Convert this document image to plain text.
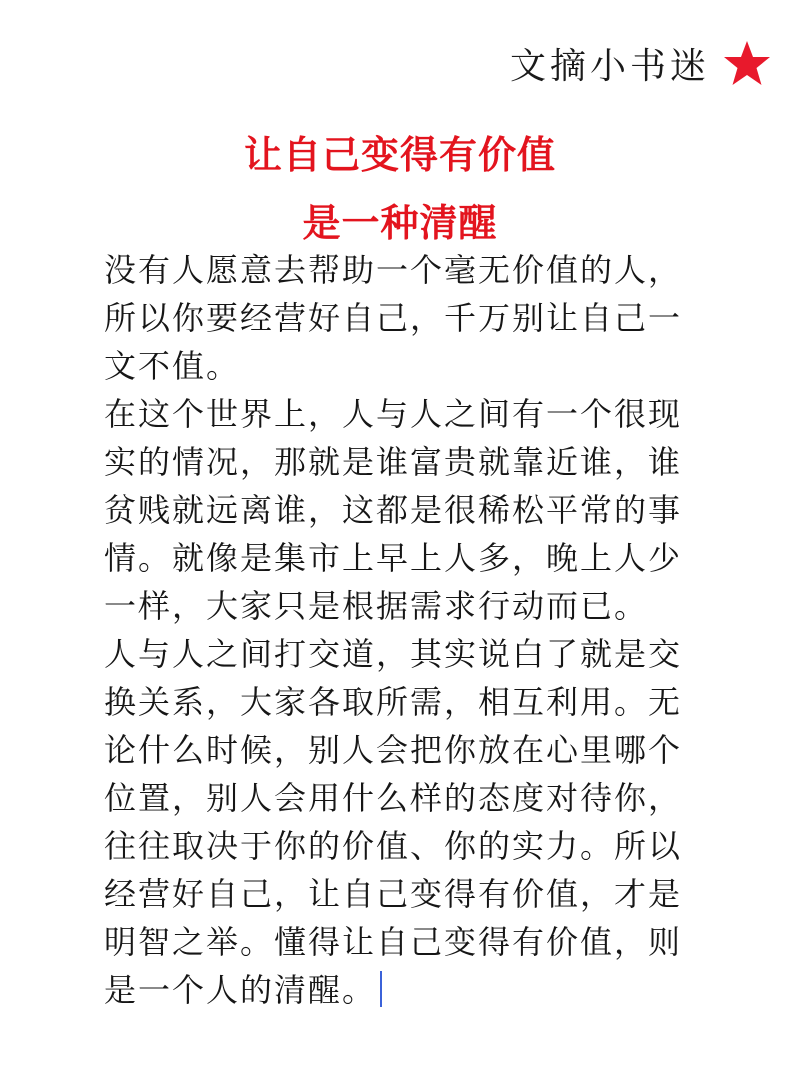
文摘小书迷
让自己变得有价值
是一种清醒

没有人愿意去帮助一个毫无价值的人，所以你要经营好自己，千万别让自己一文不值。

在这个世界上，人与人之间有一个很现实的情况，那就是谁富贵就靠近谁，谁贫贱就远离谁，这都是很稀松平常的事情。就像是集市上早上人多，晚上人少一样，大家只是根据需求行动而已。

人与人之间打交道，其实说白了就是交换关系，大家各取所需，相互利用。无论什么时候，别人会把你放在心里哪个位置，别人会用什么样的态度对待你，往往取决于你的价值、你的实力。所以经营好自己，让自己变得有价值，才是明智之举。懂得让自己变得有价值，则是一个人的清醒。
